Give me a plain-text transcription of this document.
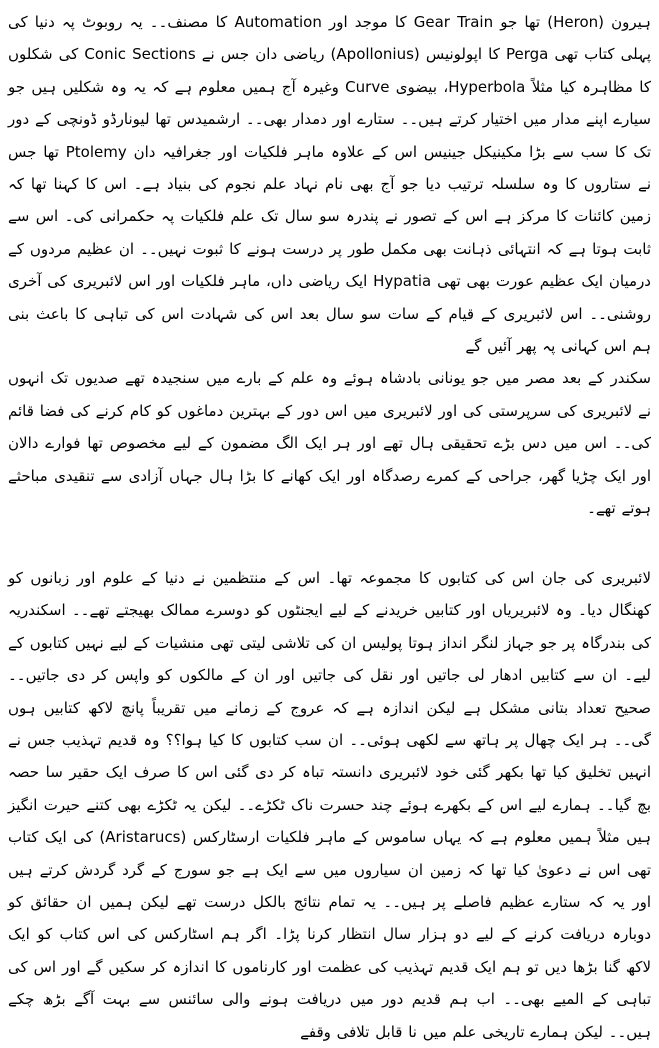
ہیرون (Heron) تھا جو Gear Train کا موجد اور Automation کا مصنف۔۔ یہ روبوٹ پہ دنیا کی پہلی کتاب تھی Perga کا اپولونیس (Apollonius) ریاضی دان جس نے Conic Sections کی شکلوں کا مظاہرہ کیا مثلاً Hyperbola، بیضوی Curve وغیرہ آج ہمیں معلوم ہے کہ یہ وہ شکلیں ہیں جو سیارے اپنے مدار میں اختیار کرتے ہیں۔۔ ستارے اور دمدار بھی۔۔ ارشمیدس تھا لیونارڈو ڈونچی کے دور تک کا سب سے بڑا مکینیکل جینیس اس کے علاوہ ماہر فلکیات اور جغرافیہ دان Ptolemy تھا جس نے ستاروں کا وہ سلسلہ ترتیب دیا جو آج بھی نام نہاد علم نجوم کی بنیاد ہے۔ اس کا کہنا تھا کہ زمین کائنات کا مرکز ہے اس کے تصور نے پندرہ سو سال تک علم فلکیات پہ حکمرانی کی۔ اس سے ثابت ہوتا ہے کہ انتہائی ذہانت بھی مکمل طور پر درست ہونے کا ثبوت نہیں۔۔ ان عظیم مردوں کے درمیان ایک عظیم عورت بھی تھی Hypatia ایک ریاضی داں، ماہر فلکیات اور اس لائبریری کی آخری روشنی۔۔ اس لائبریری کے قیام کے سات سو سال بعد اس کی شہادت اس کی تباہی کا باعث بنی ہم اس کہانی پہ پھر آئیں گے

سکندر کے بعد مصر میں جو یونانی بادشاہ ہوئے وہ علم کے بارے میں سنجیدہ تھے صدیوں تک انہوں نے لائبریری کی سرپرستی کی اور لائبریری میں اس دور کے بہترین دماغوں کو کام کرنے کی فضا قائم کی۔۔ اس میں دس بڑے تحقیقی ہال تھے اور ہر ایک الگ مضمون کے لیے مخصوص تھا فوارے دالان اور ایک چڑیا گھر، جراحی کے کمرے رصدگاہ اور ایک کھانے کا بڑا ہال جہاں آزادی سے تنقیدی مباحثے ہوتے تھے۔

لائبریری کی جان اس کی کتابوں کا مجموعہ تھا۔ اس کے منتظمین نے دنیا کے علوم اور زبانوں کو کھنگال دیا۔ وہ لائبریریاں اور کتابیں خریدنے کے لیے ایجنٹوں کو دوسرے ممالک بھیجتے تھے۔۔ اسکندریہ کی بندرگاہ پر جو جہاز لنگر انداز ہوتا پولیس ان کی تلاشی لیتی تھی منشیات کے لیے نہیں کتابوں کے لیے۔ ان سے کتابیں ادھار لی جاتیں اور نقل کی جاتیں اور ان کے مالکوں کو واپس کر دی جاتیں۔۔ صحیح تعداد بتانی مشکل ہے لیکن اندازہ ہے کہ عروج کے زمانے میں تقریباً پانچ لاکھ کتابیں ہوں گی۔۔ ہر ایک چھال پر ہاتھ سے لکھی ہوئی۔۔ ان سب کتابوں کا کیا ہوا؟؟ وہ قدیم تہذیب جس نے انہیں تخلیق کیا تھا بکھر گئی خود لائبریری دانستہ تباہ کر دی گئی اس کا صرف ایک حقیر سا حصہ بچ گیا۔۔ ہمارے لیے اس کے بکھرے ہوئے چند حسرت ناک ٹکڑے۔۔ لیکن یہ ٹکڑے بھی کتنے حیرت انگیز ہیں مثلاً ہمیں معلوم ہے کہ یہاں ساموس کے ماہر فلکیات ارسٹارکس (Aristarucs) کی ایک کتاب تھی اس نے دعویٰ کیا تھا کہ زمین ان سیاروں میں سے ایک ہے جو سورج کے گرد گردش کرتے ہیں اور یہ کہ ستارے عظیم فاصلے پر ہیں۔۔ یہ تمام نتائج بالکل درست تھے لیکن ہمیں ان حقائق کو دوبارہ دریافت کرنے کے لیے دو ہزار سال انتظار کرنا پڑا۔ اگر ہم اسٹارکس کی اس کتاب کو ایک لاکھ گنا بڑھا دیں تو ہم ایک قدیم تہذیب کی عظمت اور کارناموں کا اندازہ کر سکیں گے اور اس کی تباہی کے المیے بھی۔۔ اب ہم قدیم دور میں دریافت ہونے والی سائنس سے بہت آگے بڑھ چکے ہیں۔۔ لیکن ہمارے تاریخی علم میں نا قابل تلافی وقفے
